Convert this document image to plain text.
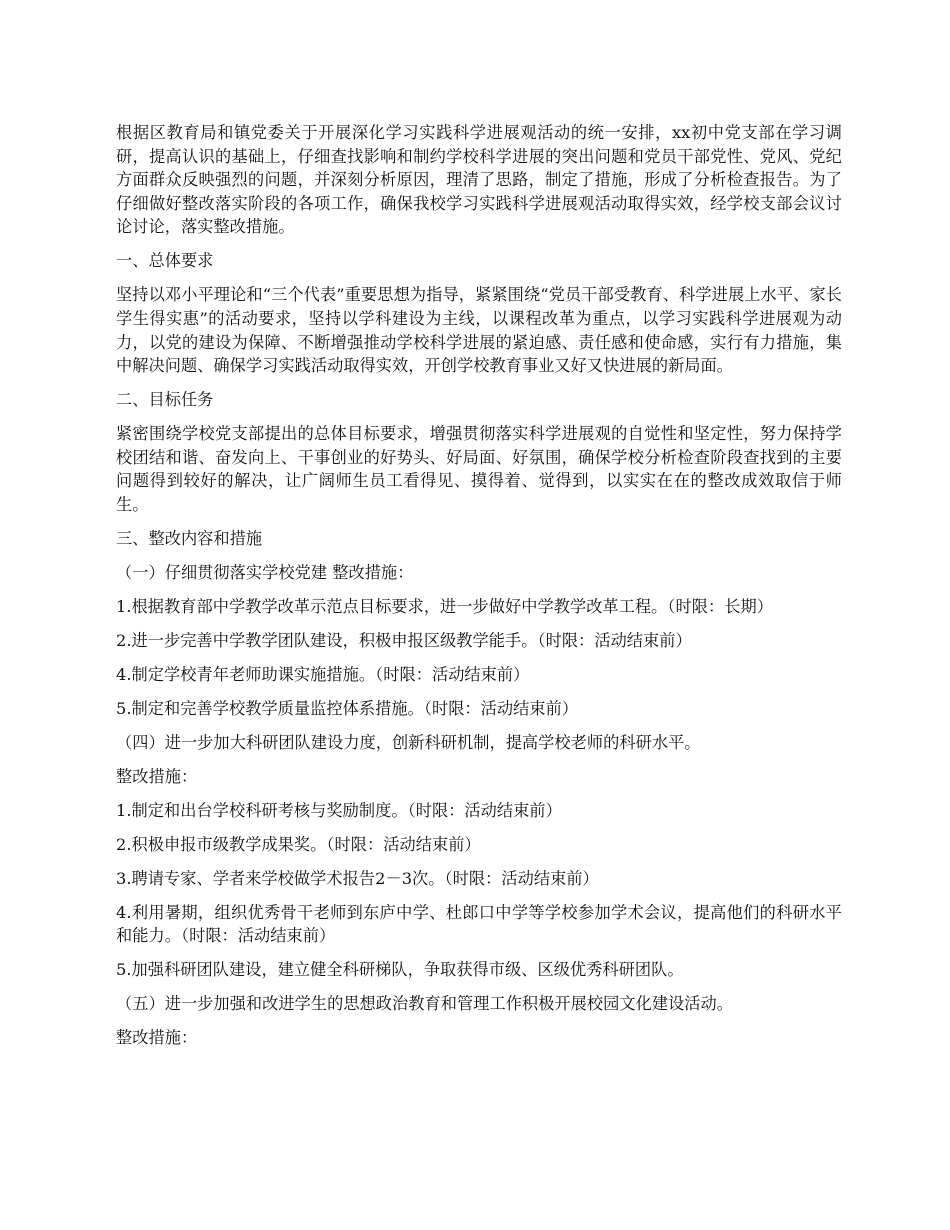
根据区教育局和镇党委关于开展深化学习实践科学进展观活动的统一安排，xx初中党支部在学习调研，提高认识的基础上，仔细查找影响和制约学校科学进展的突出问题和党员干部党性、党风、党纪方面群众反映强烈的问题，并深刻分析原因，理清了思路，制定了措施，形成了分析检查报告。为了仔细做好整改落实阶段的各项工作，确保我校学习实践科学进展观活动取得实效，经学校支部会议讨论讨论，落实整改措施。

一、总体要求

坚持以邓小平理论和“三个代表”重要思想为指导，紧紧围绕“党员干部受教育、科学进展上水平、家长学生得实惠”的活动要求，坚持以学科建设为主线，以课程改革为重点，以学习实践科学进展观为动力，以党的建设为保障、不断增强推动学校科学进展的紧迫感、责任感和使命感，实行有力措施，集中解决问题、确保学习实践活动取得实效，开创学校教育事业又好又快进展的新局面。

二、目标任务

紧密围绕学校党支部提出的总体目标要求，增强贯彻落实科学进展观的自觉性和坚定性，努力保持学校团结和谐、奋发向上、干事创业的好势头、好局面、好氛围，确保学校分析检查阶段查找到的主要问题得到较好的解决，让广阔师生员工看得见、摸得着、觉得到，以实实在在的整改成效取信于师生。

三、整改内容和措施

（一）仔细贯彻落实学校党建 整改措施：

1.根据教育部中学教学改革示范点目标要求，进一步做好中学教学改革工程。（时限：长期）

2.进一步完善中学教学团队建设，积极申报区级教学能手。（时限：活动结束前）

4.制定学校青年老师助课实施措施。（时限：活动结束前）

5.制定和完善学校教学质量监控体系措施。（时限：活动结束前）

（四）进一步加大科研团队建设力度，创新科研机制，提高学校老师的科研水平。

整改措施：

1.制定和出台学校科研考核与奖励制度。（时限：活动结束前）

2.积极申报市级教学成果奖。（时限：活动结束前）

3.聘请专家、学者来学校做学术报告2－3次。（时限：活动结束前）

4.利用暑期，组织优秀骨干老师到东庐中学、杜郎口中学等学校参加学术会议，提高他们的科研水平和能力。（时限：活动结束前）

5.加强科研团队建设，建立健全科研梯队，争取获得市级、区级优秀科研团队。

（五）进一步加强和改进学生的思想政治教育和管理工作积极开展校园文化建设活动。

整改措施：
